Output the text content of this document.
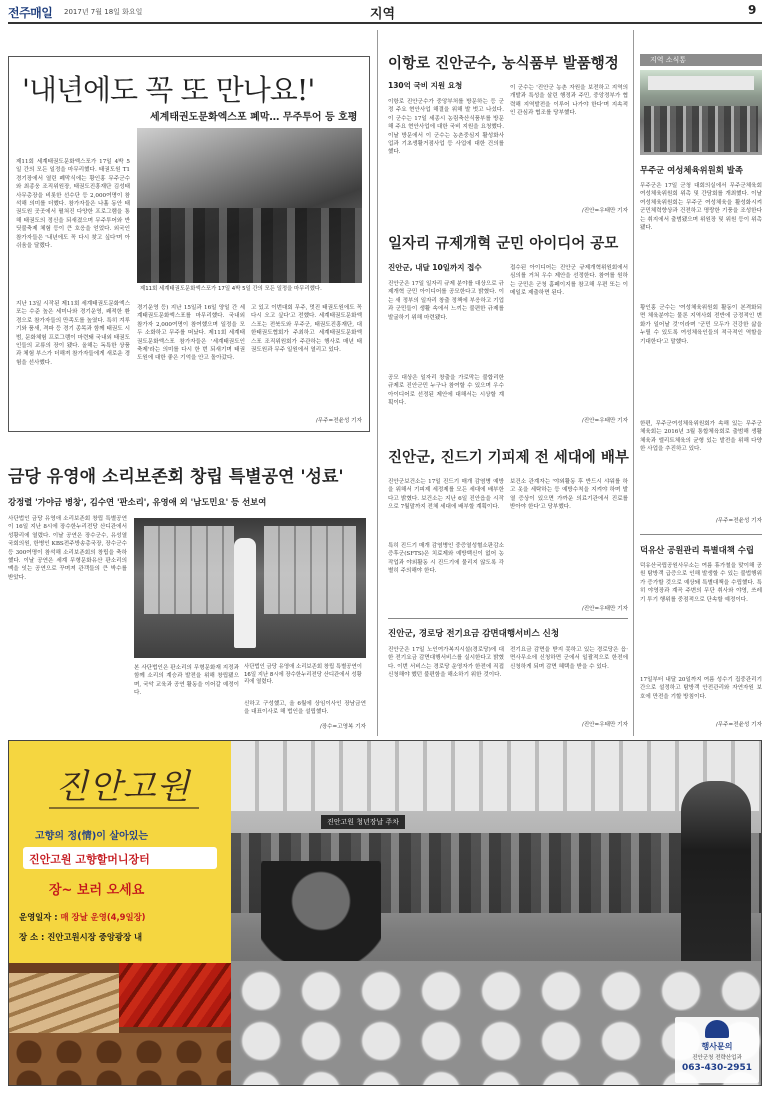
전주매일 2017년 7월 18일 화요일	지역	9
'내년에도 꼭 또 만나요!'
세계태권도문화엑스포 폐막… 무주투어 등 호평
제11회 세계태권도문화엑스포가 17일 4박 5일 간의 모든 일정을 마무리했다. 태권도원 T1 경기장에서 열린 폐막식에는 황인홍 무주군수와 최종웅 조직위원장, 태권도진흥재단 김성태 사무총장을 비롯한 선수단 등 2,000여명이 참석해 의미를 더했다. 참가자들은 나흘 동안 태권도원 곳곳에서 펼쳐진 다양한 프로그램을 통해 태권도의 정신을 되새겼으며 무주투어와 반딧불축제 체험 등이 큰 호응을 얻었다. 외국인 참가자들은 '내년에도 꼭 다시 찾고 싶다'며 아쉬움을 달랬다.
지난 13일 시작된 제11회 세계태권도문화엑스포는 수준 높은 세미나와 경기운영, 쾌적한 환경으로 참가자들의 만족도를 높였다. 특히 겨루기와 품새, 격파 등 경기 종목과 함께 태권도 시범, 문화체험 프로그램이 마련돼 국내외 태권도인들의 교류의 장이 됐다. 올해는 독특한 상품과 체험 부스가 더해져 참가자들에게 새로운 경험을 선사했다.
제11회 세계태권도문화엑스포가 17일 4박 5일 간의 모든 일정을 마무리했다.
경기운영 등) 지난 15일과 16일 양일 간 세계태권도문화엑스포를 마무리했다. 국내외 참가자 2,000여명이 참여했으며 일정을 모두 소화하고 무주를 떠났다. 제11회 세계태권도문화엑스포 참가자들은 '세계태권도인 축제'라는 의미를 다시 한 번 되새기며 태권도원에 대한 좋은 기억을 안고 돌아갔다.
고 있고 이번대회 무주, 멋진 태권도원에도 꼭 다시 오고 싶다'고 전했다. 세계태권도문화엑스포는 전북도와 무주군, 태권도진흥재단, 대한태권도협회가 주최하고 세계태권도문화엑스포 조직위원회가 주관하는 행사로 매년 태권도원과 무주 일원에서 열리고 있다.
/무주=전윤성 기자
금당 유영애 소리보존회 창립 특별공연 '성료'
강정렬 '가야금 병창', 김수연 '판소리', 유영애 외 '남도민요' 등 선보여
사단법인 금당 유영애 소리보존회 창립 특별공연이 16일 지난 8시에 장수한누리전당 산디관에서 성황리에 열렸다. 이날 공연은 장수군수, 유성열 국회의원, 한병인 KBS전주방송총국장, 장수군수 등 300여명이 참석해 소리보존회의 창립을 축하했다. 이날 공연은 세계 무형문화유산 판소리의 맥을 잇는 공연으로 꾸며져 관객들의 큰 박수를 받았다.
사단법인 금당 유영애 소리보존회 창립 특별공연이 16일 지난 8시에 장수한누리전당 산디관에서 성황리에 열렸다.
본 사단법인은 판소리의 무형문화재 지정과 함께 소리의 계승과 발전을 위해 창립됐으며, 국악 교육과 공연 활동을 이어갈 예정이다.
신하고 구성했고, 올 6월에 상임이사인 장남금연을 대표이사로 해 법인을 설립했다.
/장수=고영복 기자
이항로 진안군수, 농식품부 발품행정
130억 국비 지원 요청
이항로 진안군수가 중앙부처를 방문하는 등 군정 주요 현안사업 해결을 위해 발 벗고 나섰다. 이 군수는 17일 세종시 농림축산식품부를 방문해 주요 현안사업에 대한 국비 지원을 요청했다. 이날 방문에서 이 군수는 농촌중심지 활성화사업과 기초생활거점사업 등 사업에 대한 건의를 했다.
이 군수는 '진안군 농촌 자원을 보전하고 지역의 개발과 특성을 살린 행정과 주민, 중앙정부가 협력해 지역발전을 이루어 나가야 한다'며 지속적인 관심과 협조를 당부했다.
/진안=우태만 기자
일자리 규제개혁 군민 아이디어 공모
진안군, 내달 10일까지 접수
진안군은 17일 일자리 규제 분야를 대상으로 규제개혁 군민 아이디어를 공모한다고 밝혔다. 이는 새 정부의 일자리 창출 정책에 부응하고 기업과 군민들이 생활 속에서 느끼는 불편한 규제를 발굴하기 위해 마련됐다.
공모 대상은 일자리 창출을 가로막는 불합리한 규제로 진안군민 누구나 참여할 수 있으며 우수 아이디어로 선정된 제안에 대해서는 시상할 계획이다.
접수된 아이디어는 진안군 규제개혁위원회에서 심의를 거쳐 우수 제안을 선정한다. 참여를 원하는 군민은 군청 홈페이지를 참고해 우편 또는 이메일로 제출하면 된다.
/진안=우태만 기자
진안군, 진드기 기피제 전 세대에 배부
진안군보건소는 17일 진드기 매개 감염병 예방을 위해서 기피제 세정제를 모든 세대에 배부한다고 밝혔다. 보건소는 지난 6일 진안읍을 시작으로 7월말까지 전체 세대에 배부할 계획이다.
특히 진드기 매개 감염병인 중증열성혈소판감소증후군(SFTS)은 치료제와 예방백신이 없어 농작업과 야외활동 시 진드기에 물리지 않도록 각별히 주의해야 한다.
보건소 관계자는 '야외활동 후 반드시 샤워를 하고 옷을 세탁하는 등 예방수칙을 지켜야 하며 발열 증상이 있으면 가까운 의료기관에서 진료를 받아야 한다'고 당부했다.
/진안=우태만 기자
진안군, 경로당 전기요금 감면대행서비스 신청
진안군은 17일 노인여가복지시설(경로당)에 대한 전기요금 감면대행서비스를 실시한다고 밝혔다. 이번 서비스는 경로당 운영자가 한전에 직접 신청해야 했던 불편함을 해소하기 위한 것이다.
전기요금 감면을 받지 못하고 있는 경로당은 읍·면사무소에 신청하면 군에서 일괄적으로 한전에 신청하게 되며 감면 혜택을 받을 수 있다.
/진안=우태만 기자
지역 소식통
무주군 여성체육위원회 발족
무주군은 17일 군청 대회의실에서 무주군체육회 여성체육위원회 위촉 및 간담회를 개최했다. 이날 여성체육위원회는 무주군 여성체육을 활성화시켜 군민체력향상과 건전하고 명랑한 기풍을 조성한다는 취지에서 출범됐으며 위원장 및 위원 등이 위촉됐다.
황인홍 군수는 '여성체육위원회 활동이 본격화되면 체육분야는 물론 지역사회 전반에 긍정적인 변화가 일어날 것'이라며 '군민 모두가 건강한 삶을 누릴 수 있도록 여성체육인들의 적극적인 역할을 기대한다'고 말했다.
한편, 무주군여성체육위원회가 속해 있는 무주군체육회는 2016년 3월 통합체육회로 출범해 생활체육과 엘리트체육의 균형 있는 발전을 위해 다양한 사업을 추진하고 있다.
/무주=전윤성 기자
덕유산 공원관리 특별대책 수립
덕유산국립공원사무소는 여름 휴가철을 맞이해 공원 탐방객 급증으로 인해 발생할 수 있는 불법행위가 증가할 것으로 예상돼 특별대책을 수립했다. 특히 야영장과 계곡 주변의 무단 취사와 야영, 쓰레기 투기 행위를 중점적으로 단속할 예정이다.
17일부터 내달 20일까지 여름 성수기 집중관리기간으로 설정하고 탐방객 안전관리와 자연자원 보호에 만전을 기할 방침이다.
/무주=전윤성 기자
진안고원
고향의 정(情)이 살아있는
진안고원 고향할머니장터
장~ 보러 오세요
운영일자 : 매 장날 운영(4,9일장)
장 소 : 진안고원시장 중앙광장 내
진안고원 청년장날 주차
행사문의
진안군청 전략산업과
063-430-2951
